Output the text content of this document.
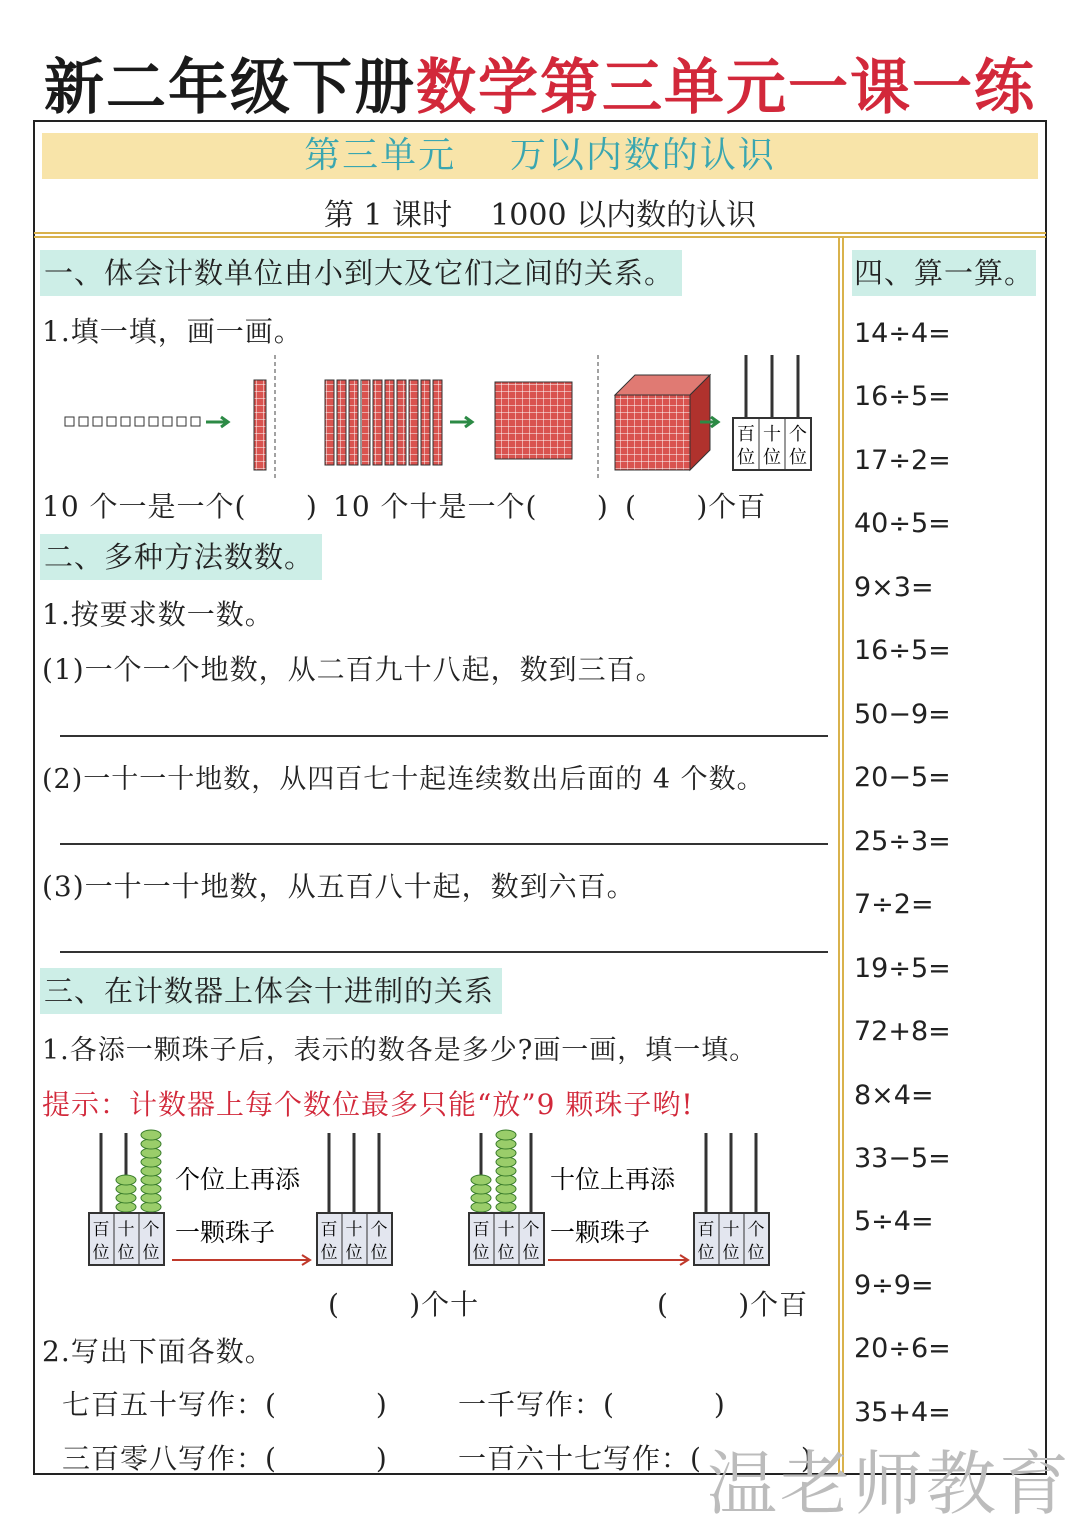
新二年级下册数学第三单元一课一练
第三单元    万以内数的认识
第 1 课时    1000 以内数的认识
一、体会计数单位由小到大及它们之间的关系。
1.填一填，画一画。
百 十 个
位 位 位
10 个一是一个(      ) 10 个十是一个(      ) (      )个百
二、多种方法数数。
1.按要求数一数。
(1)一个一个地数，从二百九十八起，数到三百。
(2)一十一十地数，从四百七十起连续数出后面的 4 个数。
(3)一十一十地数，从五百八十起，数到六百。
三、在计数器上体会十进制的关系
1.各添一颗珠子后，表示的数各是多少?画一画，填一填。
提示：计数器上每个数位最多只能“放”9 颗珠子哟!
百 十 个
位 位 位
个位上再添
一颗珠子	百 十 个
位 位 位
百 十 个
位 位 位
十位上再添
一颗珠子	百 十 个
位 位 位
(       )个十	(       )个百
2.写出下面各数。
七百五十写作：(          )	一千写作：(          )
三百零八写作：(          )	一百六十七写作：(          )
四、算一算。
14÷4=
16÷5=
17÷2=
40÷5=
9×3=
16÷5=
50−9=
20−5=
25÷3=
7÷2=
19÷5=
72+8=
8×4=
33−5=
5÷4=
9÷9=
20÷6=
35+4=
温老师教育
